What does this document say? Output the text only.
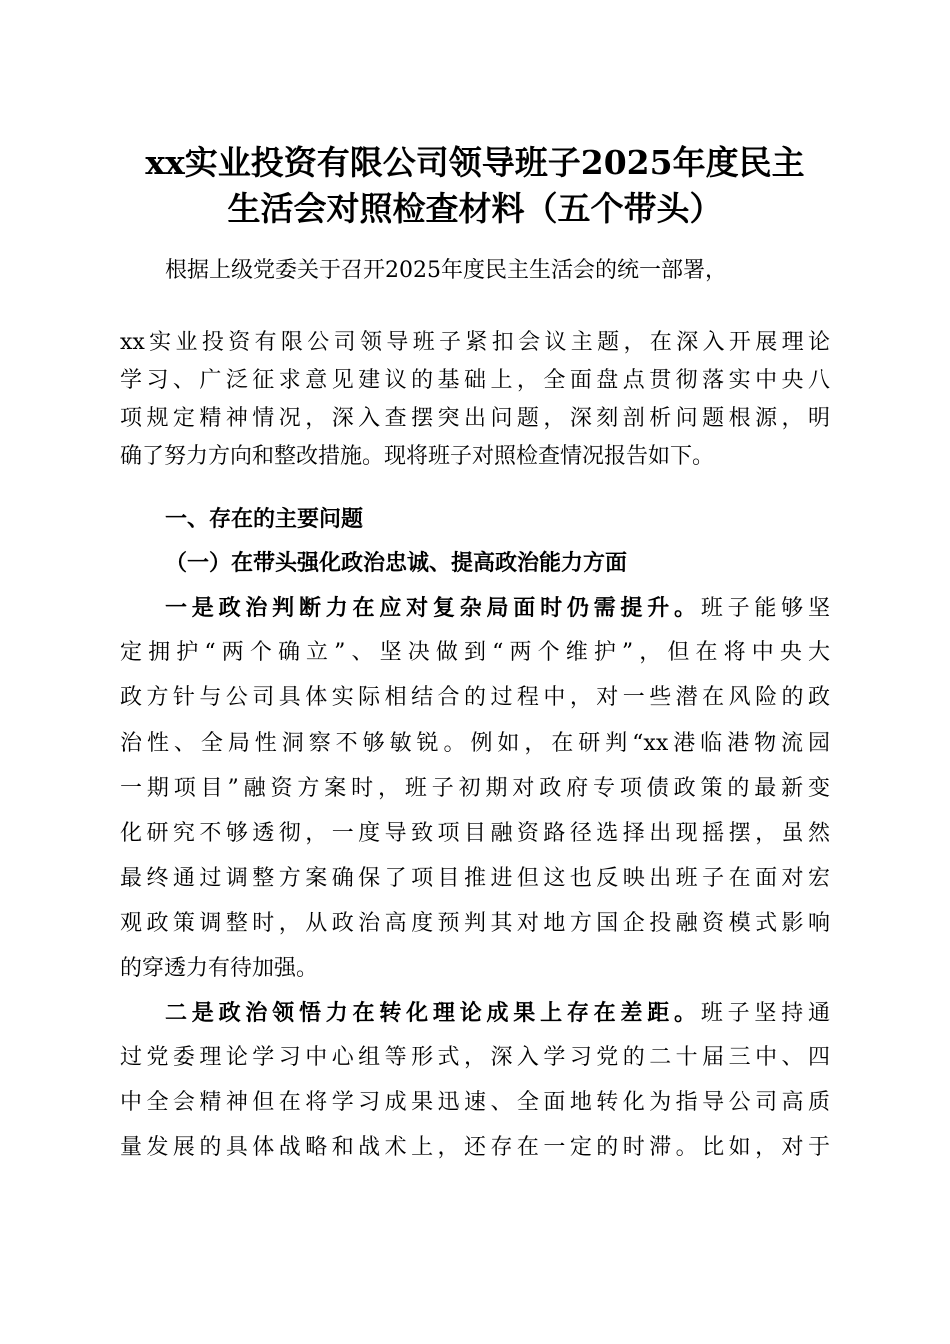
xx实业投资有限公司领导班子2025年度民主
生活会对照检查材料（五个带头）
根据上级党委关于召开2025年度民主生活会的统一部署，
xx实业投资有限公司领导班子紧扣会议主题，在深入开展理论
学习、广泛征求意见建议的基础上，全面盘点贯彻落实中央八
项规定精神情况，深入查摆突出问题，深刻剖析问题根源，明
确了努力方向和整改措施。现将班子对照检查情况报告如下。
一、存在的主要问题
（一）在带头强化政治忠诚、提高政治能力方面
一是政治判断力在应对复杂局面时仍需提升。班子能够坚
定拥护“两个确立”、坚决做到“两个维护”，但在将中央大
政方针与公司具体实际相结合的过程中，对一些潜在风险的政
治性、全局性洞察不够敏锐。例如，在研判“xx港临港物流园
一期项目”融资方案时，班子初期对政府专项债政策的最新变
化研究不够透彻，一度导致项目融资路径选择出现摇摆，虽然
最终通过调整方案确保了项目推进但这也反映出班子在面对宏
观政策调整时，从政治高度预判其对地方国企投融资模式影响
的穿透力有待加强。
二是政治领悟力在转化理论成果上存在差距。班子坚持通
过党委理论学习中心组等形式，深入学习党的二十届三中、四
中全会精神但在将学习成果迅速、全面地转化为指导公司高质
量发展的具体战略和战术上，还存在一定的时滞。比如，对于
